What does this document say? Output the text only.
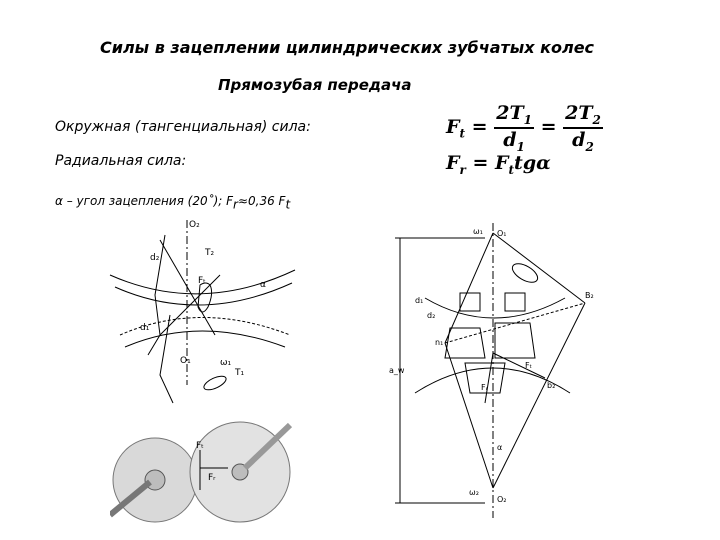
Силы в зацеплении цилиндрических зубчатых колес
Прямозубая передача
Окружная (тангенциальная) сила:
Радиальная сила:
α – угол зацепления (20˚); $F_r\approx 0,36$ $F_t$
$F_t = \frac{2T_1}{d_1} = \frac{2T_2}{d_2}$
$F_r = F_ttg\alpha$
O₂
d₂	T₂
Fₜ	α
d₁
O₁	ω₁
T₁
Fₜ
Fᵣ
O₁
ω₁
d₁
d₂
a_w
B₂
b₂
n₁
Fᵣ
Fₜ
O₂
ω₂
α
